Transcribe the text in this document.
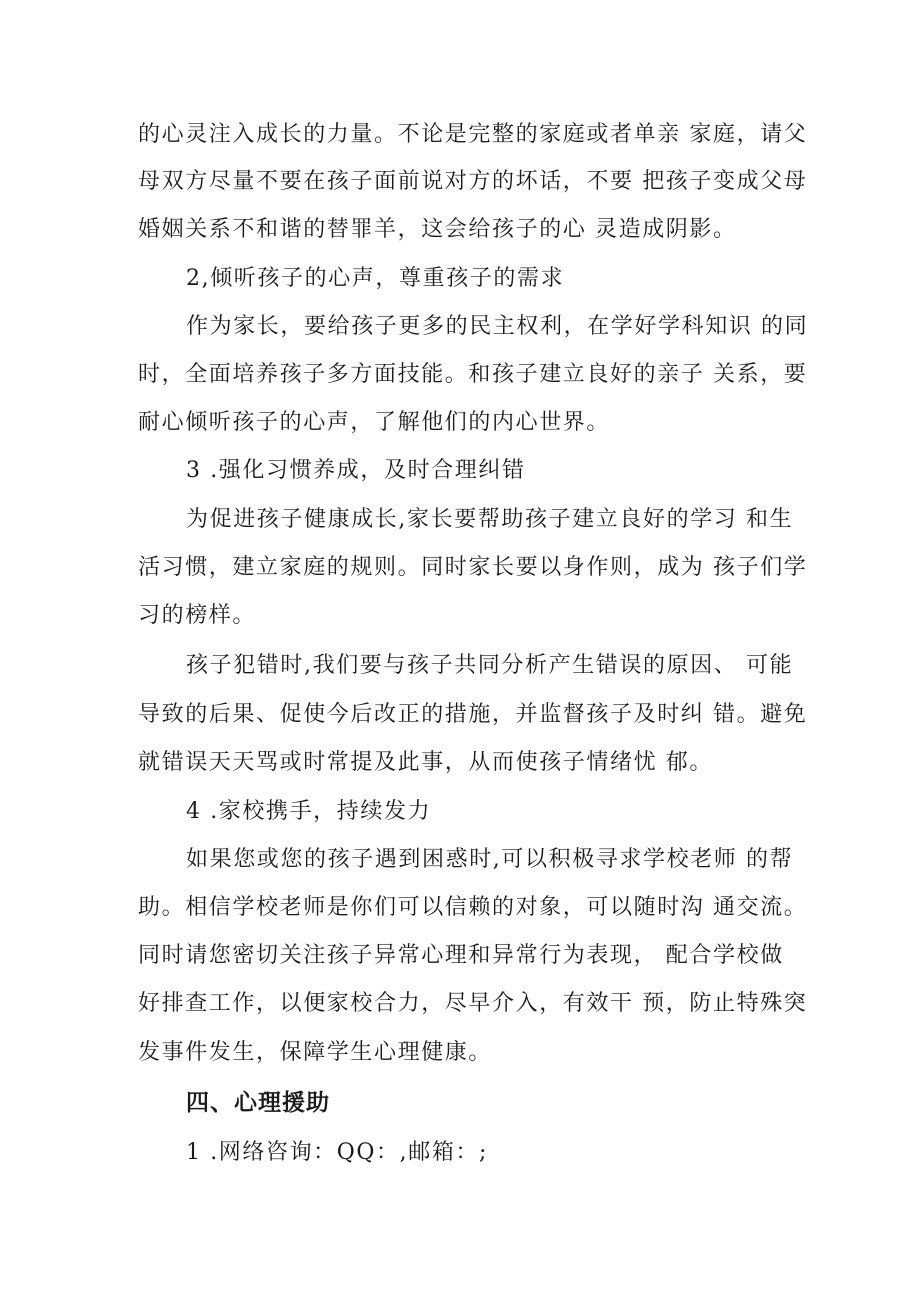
的心灵注入成长的力量。不论是完整的家庭或者单亲 家庭，请父
母双方尽量不要在孩子面前说对方的坏话，不要 把孩子变成父母
婚姻关系不和谐的替罪羊，这会给孩子的心 灵造成阴影。
2,倾听孩子的心声，尊重孩子的需求
作为家长，要给孩子更多的民主权利，在学好学科知识 的同
时，全面培养孩子多方面技能。和孩子建立良好的亲子 关系，要
耐心倾听孩子的心声，了解他们的内心世界。
3 .强化习惯养成，及时合理纠错
为促进孩子健康成长,家长要帮助孩子建立良好的学习 和生
活习惯，建立家庭的规则。同时家长要以身作则，成为 孩子们学
习的榜样。
孩子犯错时,我们要与孩子共同分析产生错误的原因、 可能
导致的后果、促使今后改正的措施，并监督孩子及时纠 错。避免
就错误天天骂或时常提及此事，从而使孩子情绪忧 郁。
4 .家校携手，持续发力
如果您或您的孩子遇到困惑时,可以积极寻求学校老师 的帮
助。相信学校老师是你们可以信赖的对象，可以随时沟 通交流。
同时请您密切关注孩子异常心理和异常行为表现， 配合学校做
好排查工作，以便家校合力，尽早介入，有效干 预，防止特殊突
发事件发生，保障学生心理健康。
四、心理援助
1 .网络咨询：QQ：,邮箱：;
